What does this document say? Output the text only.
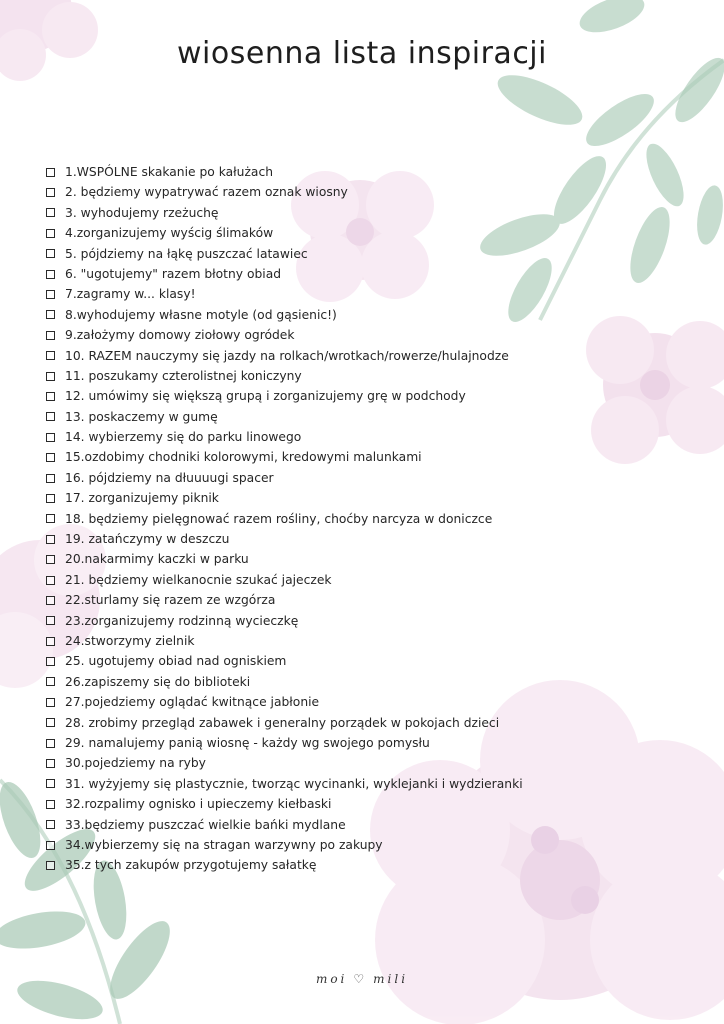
wiosenna lista inspiracji
1.WSPÓLNE skakanie po kałużach
2. będziemy wypatrywać razem oznak wiosny
3. wyhodujemy rzeżuchę
4.zorganizujemy wyścig ślimaków
5. pójdziemy na łąkę puszczać latawiec
6. "ugotujemy" razem błotny obiad
7.zagramy w... klasy!
8.wyhodujemy własne motyle (od gąsienic!)
9.założymy domowy ziołowy ogródek
10. RAZEM nauczymy się jazdy na rolkach/wrotkach/rowerze/hulajnodze
11. poszukamy czterolistnej koniczyny
12. umówimy się większą grupą i zorganizujemy grę w podchody
13. poskaczemy w gumę
14. wybierzemy się do parku linowego
15.ozdobimy chodniki kolorowymi, kredowymi malunkami
16. pójdziemy na dłuuuugi spacer
17. zorganizujemy piknik
18. będziemy pielęgnować razem rośliny, choćby narcyza w doniczce
19. zatańczymy w deszczu
20.nakarmimy kaczki w parku
21. będziemy wielkanocnie szukać jajeczek
22.sturlamy się razem ze wzgórza
23.zorganizujemy rodzinną wycieczkę
24.stworzymy zielnik
25. ugotujemy obiad nad ogniskiem
26.zapiszemy się do biblioteki
27.pojedziemy oglądać kwitnące jabłonie
28. zrobimy przegląd zabawek i generalny porządek w pokojach dzieci
29. namalujemy panią wiosnę - każdy wg swojego pomysłu
30.pojedziemy na ryby
31. wyżyjemy się plastycznie, tworząc wycinanki, wyklejanki i wydzieranki
32.rozpalimy ognisko i upieczemy kiełbaski
33.będziemy puszczać wielkie bańki mydlane
34.wybierzemy się na stragan warzywny po zakupy
35.z tych zakupów przygotujemy sałatkę
moi ♡ mili
